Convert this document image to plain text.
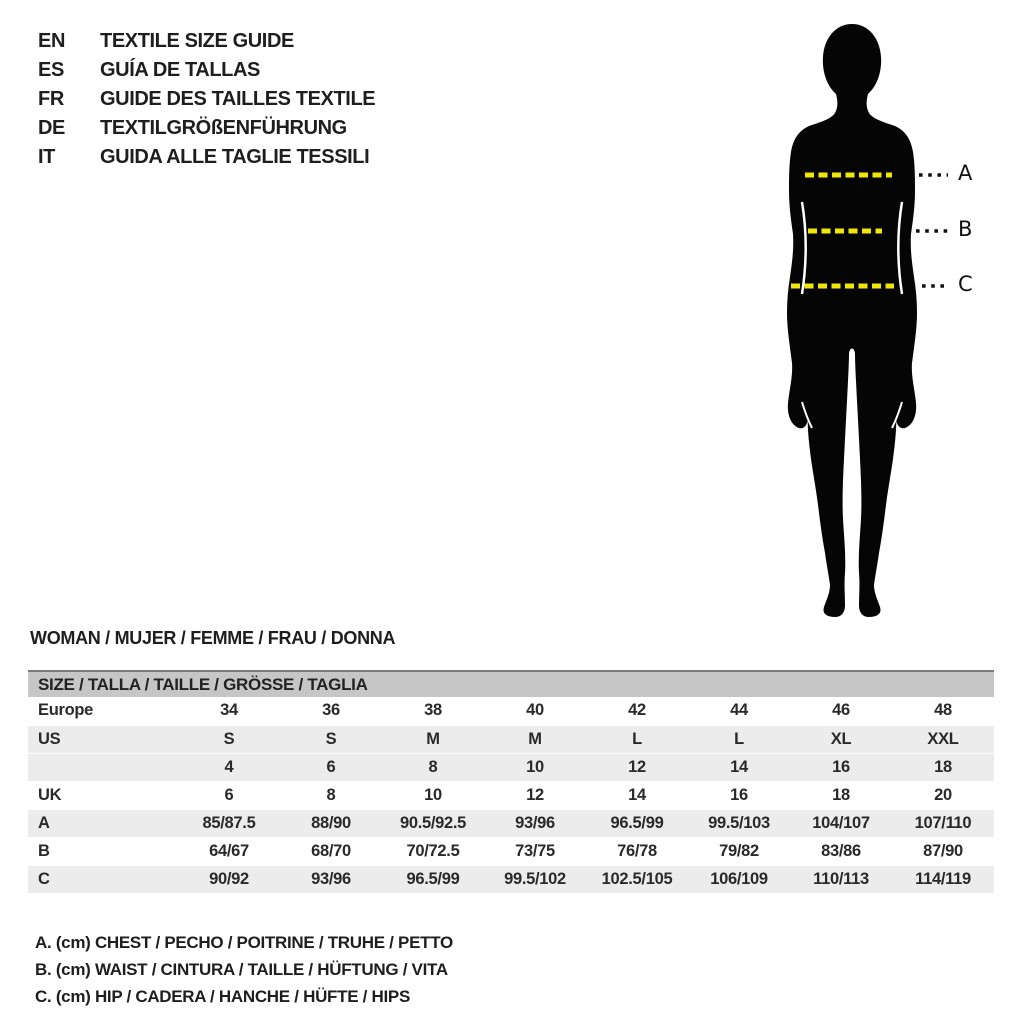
EN TEXTILE SIZE GUIDE
ES GUÍA DE TALLAS
FR GUIDE DES TAILLES TEXTILE
DE TEXTILGRÖßENFÜHRUNG
IT GUIDA ALLE TAGLIE TESSILI
A
B
C
WOMAN / MUJER / FEMME / FRAU / DONNA
SIZE / TALLA / TAILLE / GRÖSSE / TAGLIA								
Europe	34	36	38	40	42	44	46	48
US	S	S	M	M	L	L	XL	XXL
	4	6	8	10	12	14	16	18
UK	6	8	10	12	14	16	18	20
A	85/87.5	88/90	90.5/92.5	93/96	96.5/99	99.5/103	104/107	107/110
B	64/67	68/70	70/72.5	73/75	76/78	79/82	83/86	87/90
C	90/92	93/96	96.5/99	99.5/102	102.5/105	106/109	110/113	114/119
A. (cm) CHEST / PECHO / POITRINE / TRUHE / PETTO
B. (cm) WAIST / CINTURA / TAILLE / HÜFTUNG / VITA
C. (cm) HIP / CADERA / HANCHE / HÜFTE / HIPS
